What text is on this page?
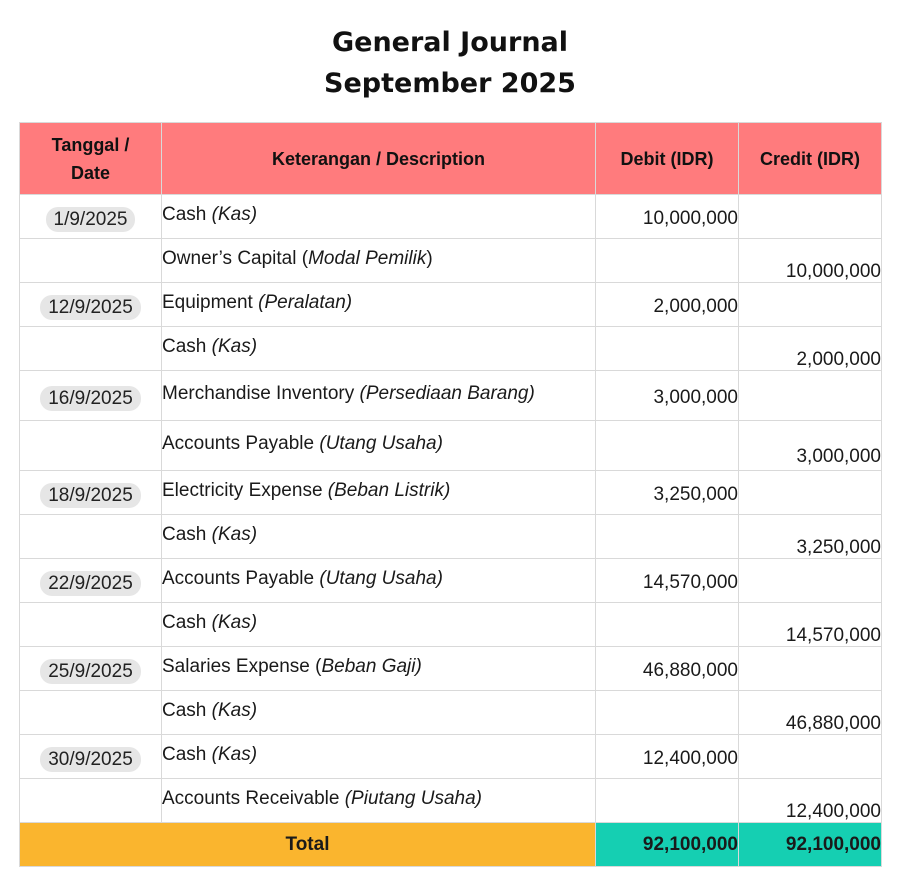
General Journal
September 2025
Tanggal /
Date	Keterangan / Description	Debit (IDR)	Credit (IDR)
1/9/2025	Cash (Kas)	10,000,000	
	Owner’s Capital (Modal Pemilik)		10,000,000
12/9/2025	Equipment (Peralatan)	2,000,000	
	Cash (Kas)		2,000,000
16/9/2025	Merchandise Inventory (Persediaan Barang)	3,000,000	
	Accounts Payable (Utang Usaha)		3,000,000
18/9/2025	Electricity Expense (Beban Listrik)	3,250,000	
	Cash (Kas)		3,250,000
22/9/2025	Accounts Payable (Utang Usaha)	14,570,000	
	Cash (Kas)		14,570,000
25/9/2025	Salaries Expense (Beban Gaji)	46,880,000	
	Cash (Kas)		46,880,000
30/9/2025	Cash (Kas)	12,400,000	
	Accounts Receivable (Piutang Usaha)		12,400,000
Total		92,100,000	92,100,000
